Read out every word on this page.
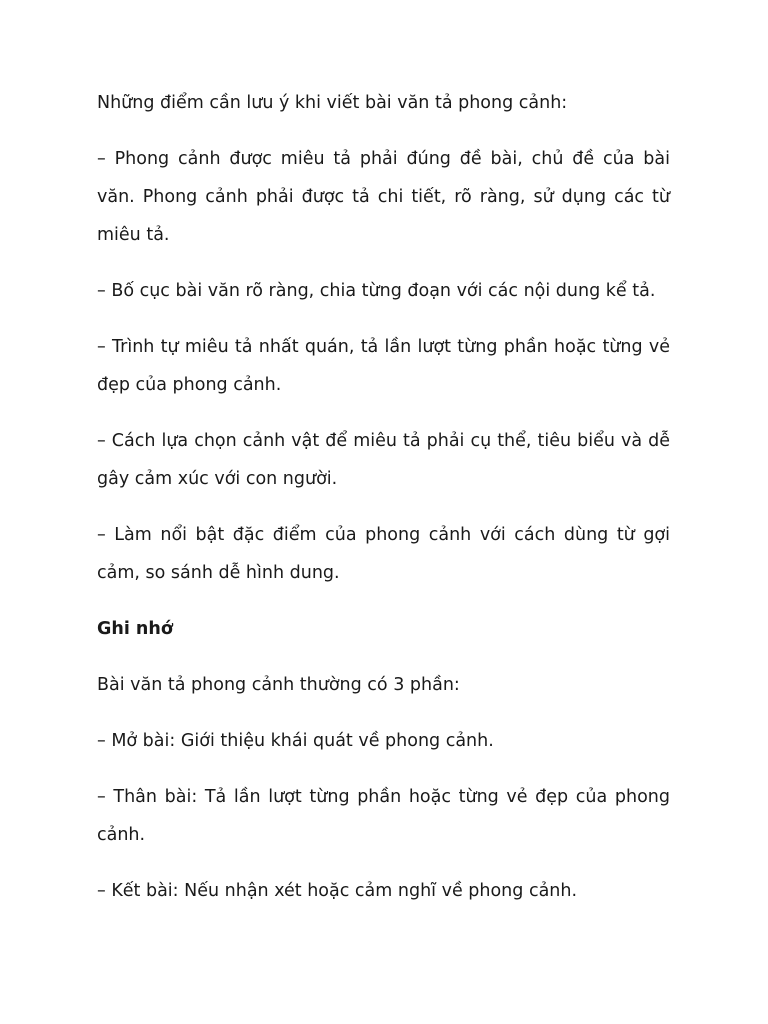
Những điểm cần lưu ý khi viết bài văn tả phong cảnh:

– Phong cảnh được miêu tả phải đúng đề bài, chủ đề của bài văn. Phong cảnh phải được tả chi tiết, rõ ràng, sử dụng các từ miêu tả.

– Bố cục bài văn rõ ràng, chia từng đoạn với các nội dung kể tả.

– Trình tự miêu tả nhất quán, tả lần lượt từng phần hoặc từng vẻ đẹp của phong cảnh.

– Cách lựa chọn cảnh vật để miêu tả phải cụ thể, tiêu biểu và dễ gây cảm xúc với con người.

– Làm nổi bật đặc điểm của phong cảnh với cách dùng từ gợi cảm, so sánh dễ hình dung.

Ghi nhớ

Bài văn tả phong cảnh thường có 3 phần:

– Mở bài: Giới thiệu khái quát về phong cảnh.

– Thân bài: Tả lần lượt từng phần hoặc từng vẻ đẹp của phong cảnh.

– Kết bài: Nếu nhận xét hoặc cảm nghĩ về phong cảnh.
